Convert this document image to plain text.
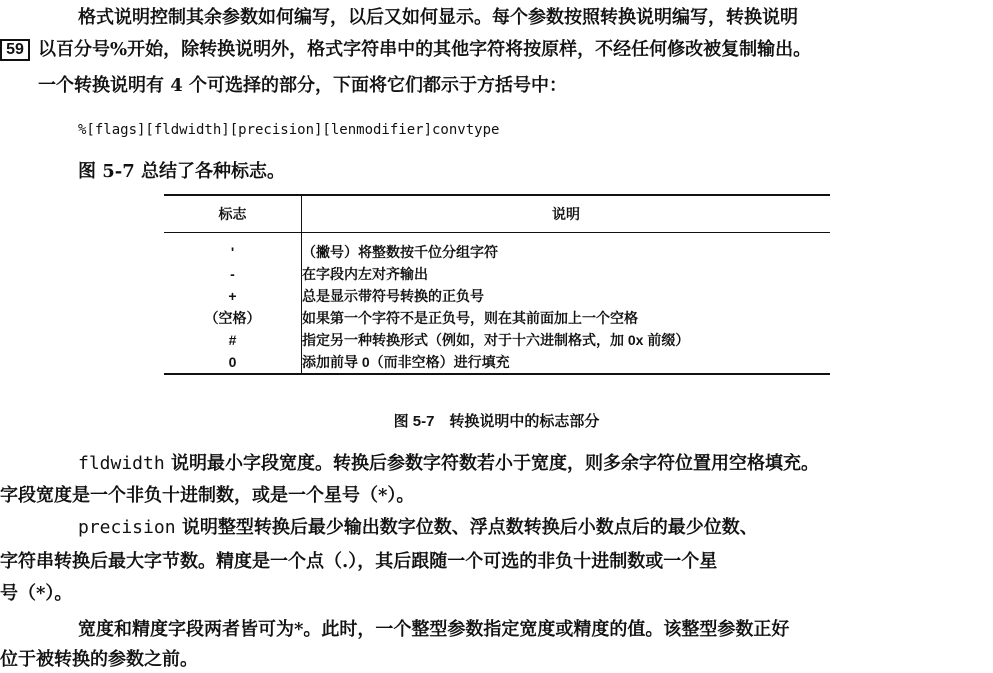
59
格式说明控制其余参数如何编写，以后又如何显示。每个参数按照转换说明编写，转换说明
以百分号%开始，除转换说明外，格式字符串中的其他字符将按原样，不经任何修改被复制输出。
一个转换说明有 4 个可选择的部分，下面将它们都示于方括号中：
%[flags][fldwidth][precision][lenmodifier]convtype
图 5-7 总结了各种标志。
标志	说明

'	（撇号）将整数按千位分组字符
-	在字段内左对齐输出
+	总是显示带符号转换的正负号
（空格）	如果第一个字符不是正负号，则在其前面加上一个空格
#	指定另一种转换形式（例如，对于十六进制格式，加 0x 前缀）
0	添加前导 0（而非空格）进行填充
图 5-7　转换说明中的标志部分
fldwidth 说明最小字段宽度。转换后参数字符数若小于宽度，则多余字符位置用空格填充。
字段宽度是一个非负十进制数，或是一个星号（*）。
precision 说明整型转换后最少输出数字位数、浮点数转换后小数点后的最少位数、
字符串转换后最大字节数。精度是一个点（.），其后跟随一个可选的非负十进制数或一个星
号（*）。
宽度和精度字段两者皆可为*。此时，一个整型参数指定宽度或精度的值。该整型参数正好
位于被转换的参数之前。
